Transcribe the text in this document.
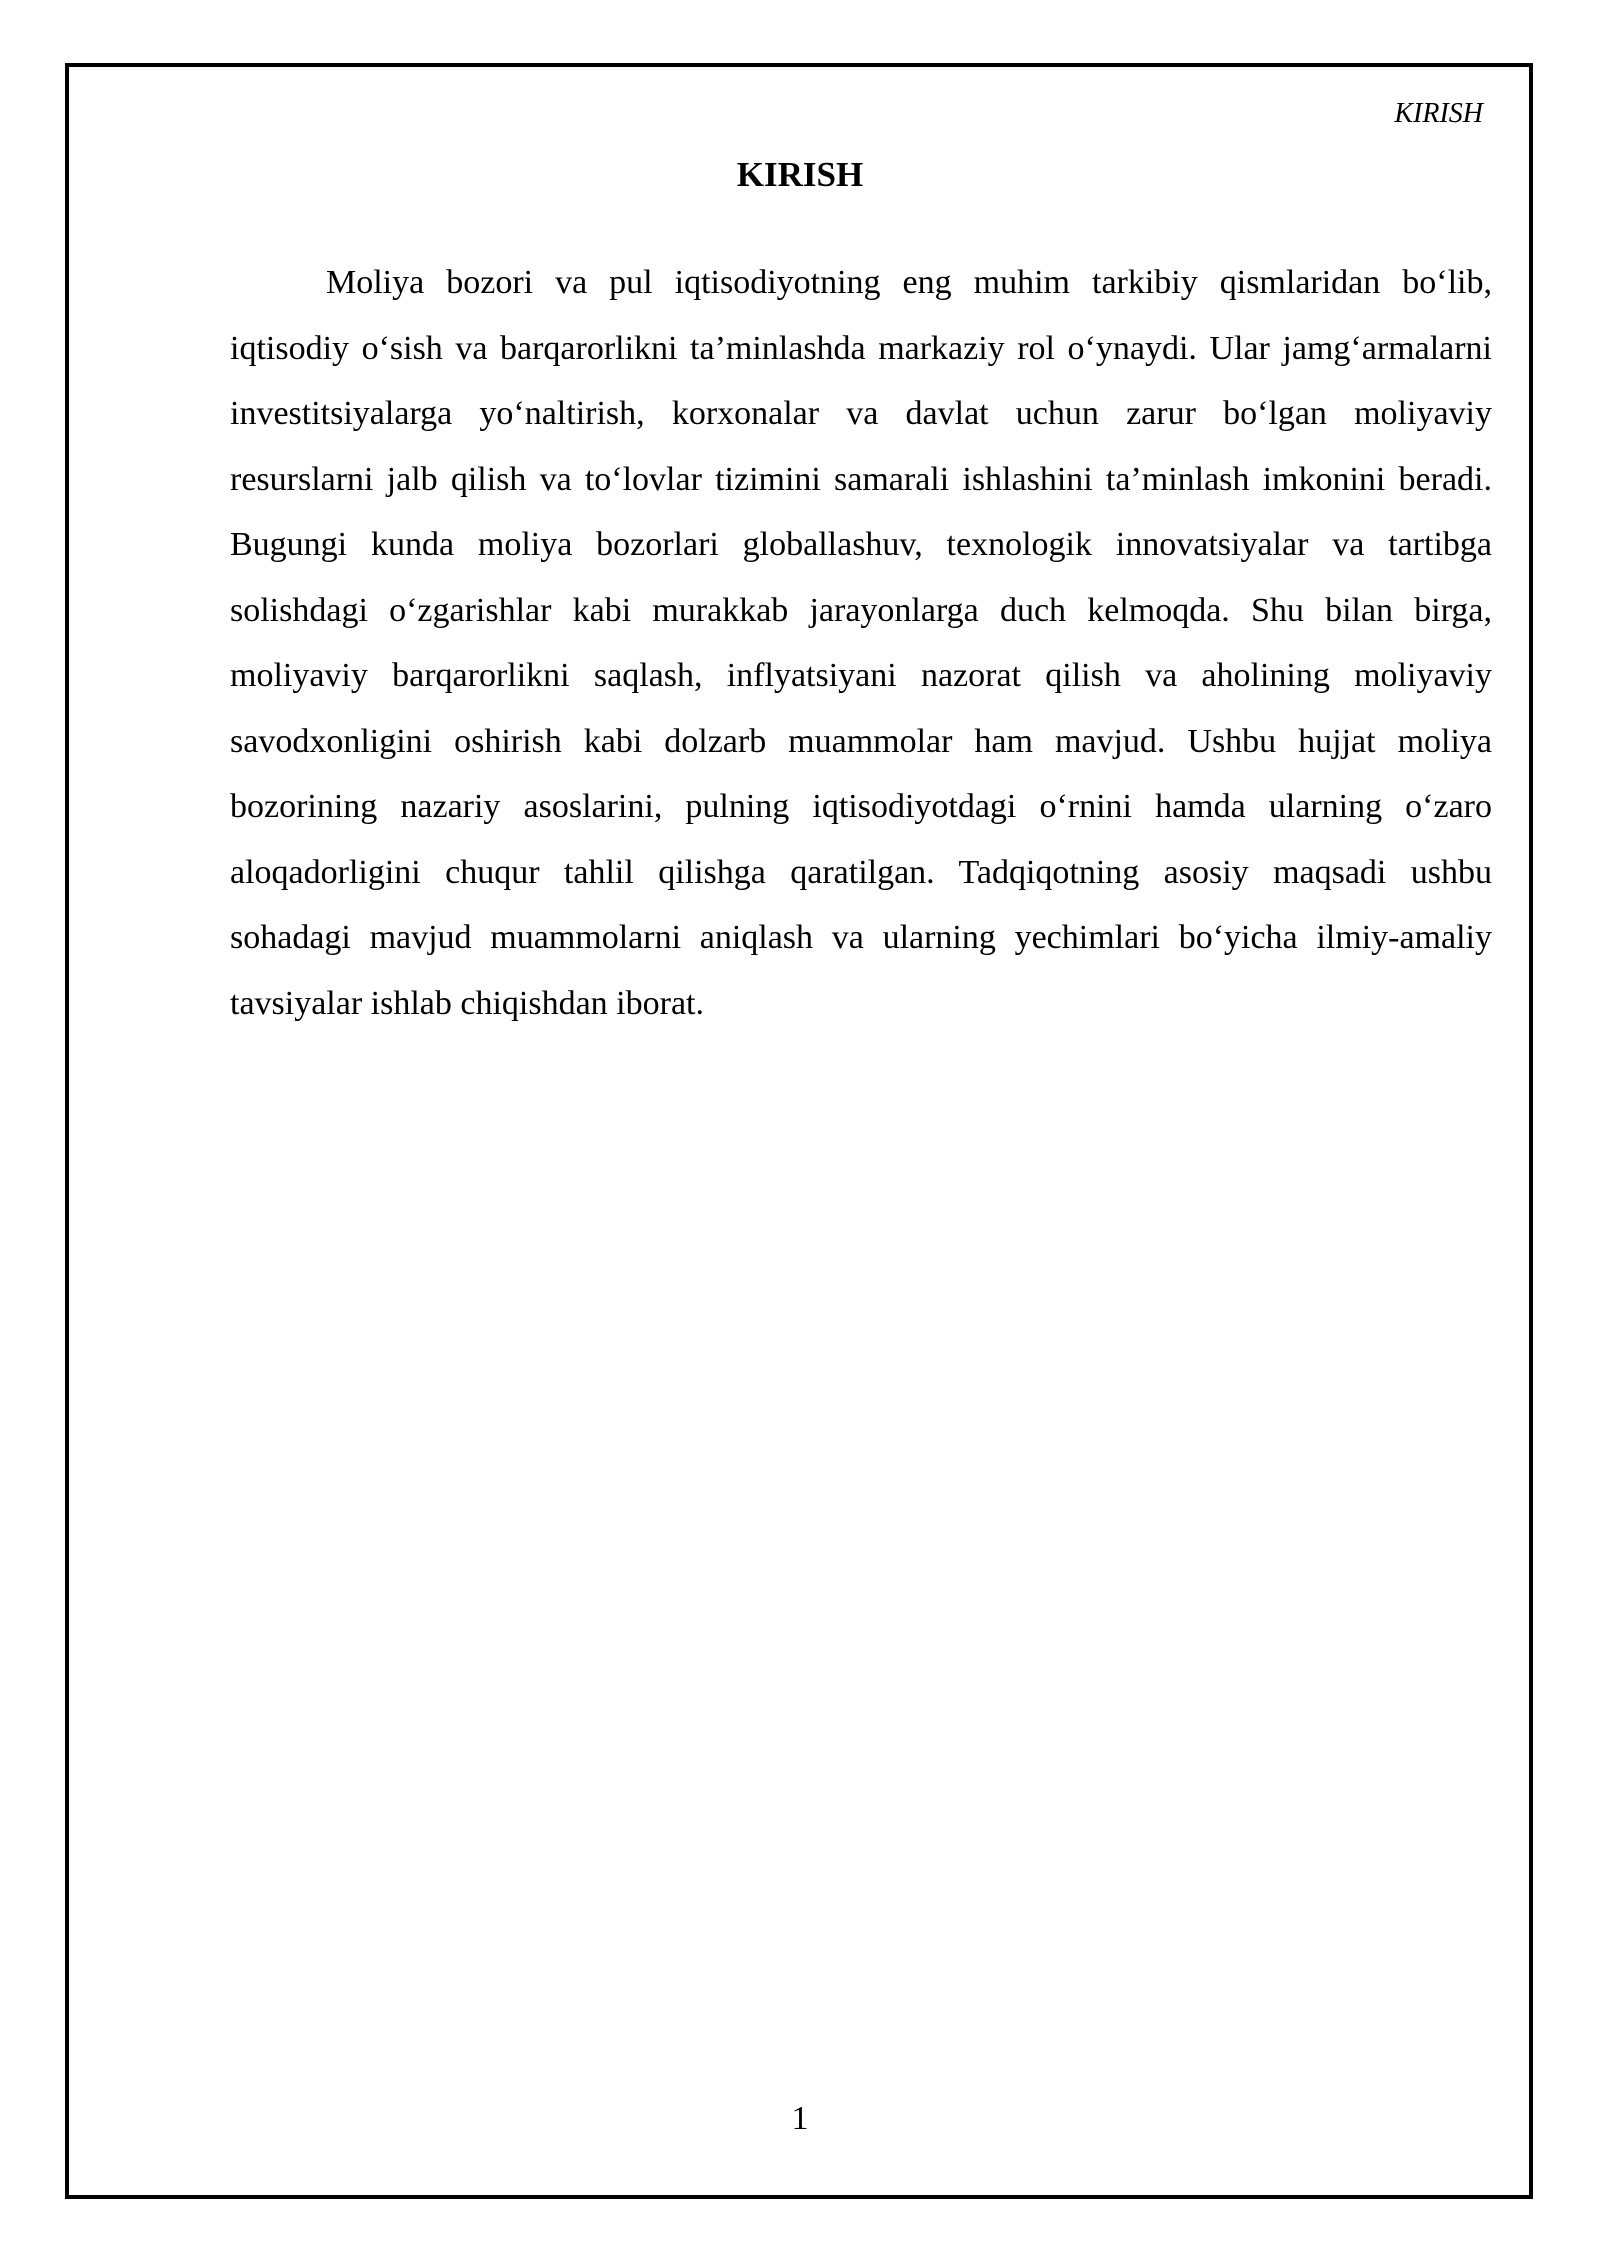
KIRISH
KIRISH

Moliya bozori va pul iqtisodiyotning eng muhim tarkibiy qismlaridan bo‘lib, iqtisodiy o‘sish va barqarorlikni ta’minlashda markaziy rol o‘ynaydi. Ular jamg‘armalarni investitsiyalarga yo‘naltirish, korxonalar va davlat uchun zarur bo‘lgan moliyaviy resurslarni jalb qilish va to‘lovlar tizimini samarali ishlashini ta’minlash imkonini beradi. Bugungi kunda moliya bozorlari globallashuv, texnologik innovatsiyalar va tartibga solishdagi o‘zgarishlar kabi murakkab jarayonlarga duch kelmoqda. Shu bilan birga, moliyaviy barqarorlikni saqlash, inflyatsiyani nazorat qilish va aholining moliyaviy savodxonligini oshirish kabi dolzarb muammolar ham mavjud. Ushbu hujjat moliya bozorining nazariy asoslarini, pulning iqtisodiyotdagi o‘rnini hamda ularning o‘zaro aloqadorligini chuqur tahlil qilishga qaratilgan. Tadqiqotning asosiy maqsadi ushbu sohadagi mavjud muammolarni aniqlash va ularning yechimlari bo‘yicha ilmiy-amaliy tavsiyalar ishlab chiqishdan iborat.

1
